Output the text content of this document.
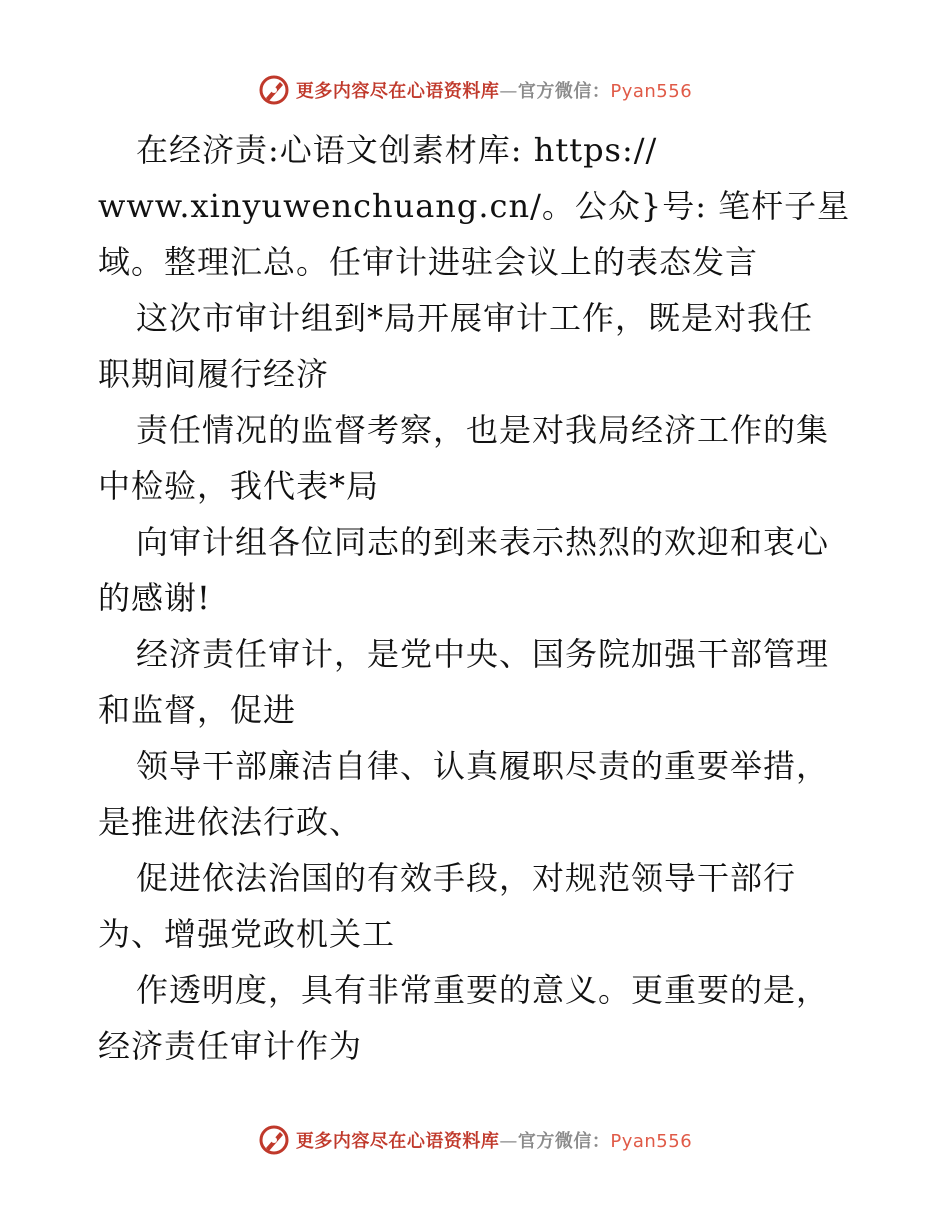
更多内容尽在心语资料库—官方微信：Pyan556

在经济责:心语文创素材库: https://
www.xinyuwenchuang.cn/。公众}号: 笔杆子星
域。整理汇总。任审计进驻会议上的表态发言

这次市审计组到*局开展审计工作，既是对我任
职期间履行经济

责任情况的监督考察，也是对我局经济工作的集
中检验，我代表*局

向审计组各位同志的到来表示热烈的欢迎和衷心
的感谢!

经济责任审计，是党中央、国务院加强干部管理
和监督，促进

领导干部廉洁自律、认真履职尽责的重要举措，
是推进依法行政、

促进依法治国的有效手段，对规范领导干部行
为、增强党政机关工

作透明度，具有非常重要的意义。更重要的是，
经济责任审计作为

更多内容尽在心语资料库—官方微信：Pyan556
